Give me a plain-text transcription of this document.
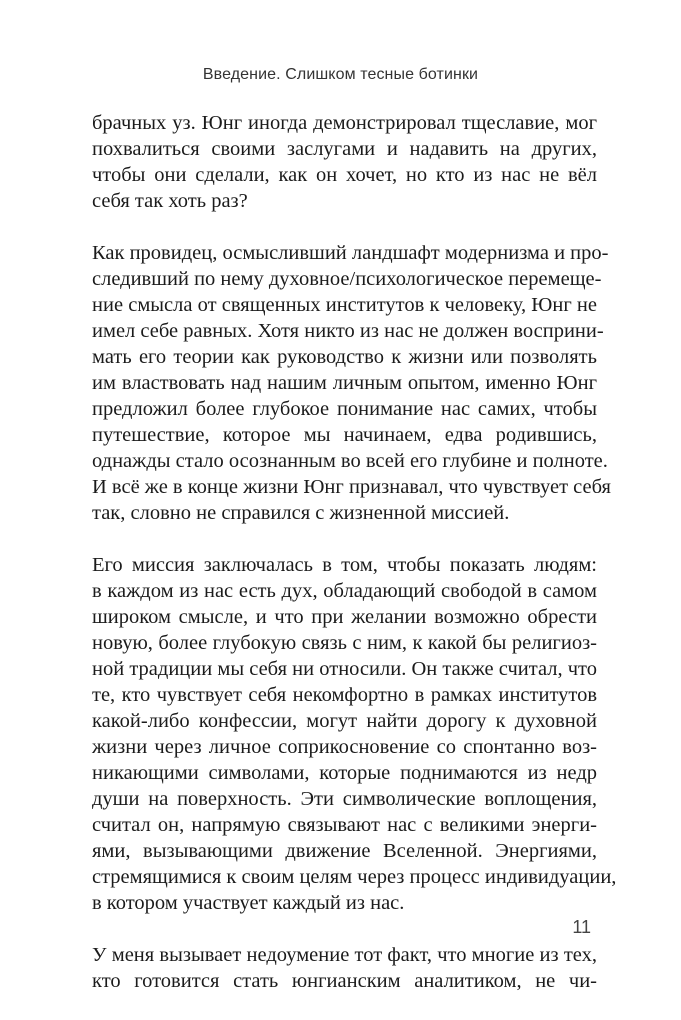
Введение. Слишком тесные ботинки

брачных уз. Юнг иногда демонстрировал тщеславие, мог
похвалиться своими заслугами и надавить на других,
чтобы они сделали, как он хочет, но кто из нас не вёл
себя так хоть раз?

Как провидец, осмысливший ландшафт модернизма и про-
следивший по нему духовное/психологическое перемеще-
ние смысла от священных институтов к человеку, Юнг не
имел себе равных. Хотя никто из нас не должен восприни-
мать его теории как руководство к жизни или позволять
им властвовать над нашим личным опытом, именно Юнг
предложил более глубокое понимание нас самих, чтобы
путешествие, которое мы начинаем, едва родившись,
однажды стало осознанным во всей его глубине и полноте.
И всё же в конце жизни Юнг признавал, что чувствует себя
так, словно не справился с жизненной миссией.

Его миссия заключалась в том, чтобы показать людям:
в каждом из нас есть дух, обладающий свободой в самом
широком смысле, и что при желании возможно обрести
новую, более глубокую связь с ним, к какой бы религиоз-
ной традиции мы себя ни относили. Он также считал, что
те, кто чувствует себя некомфортно в рамках институтов
какой-либо конфессии, могут найти дорогу к духовной
жизни через личное соприкосновение со спонтанно воз-
никающими символами, которые поднимаются из недр
души на поверхность. Эти символические воплощения,
считал он, напрямую связывают нас с великими энерги-
ями, вызывающими движение Вселенной. Энергиями,
стремящимися к своим целям через процесс индивидуации,
в котором участвует каждый из нас.

У меня вызывает недоумение тот факт, что многие из тех,
кто готовится стать юнгианским аналитиком, не чи-

11
